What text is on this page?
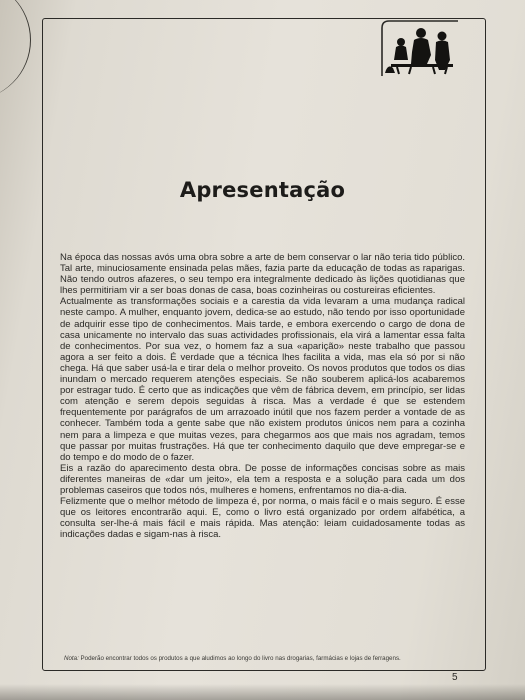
Apresentação

Na época das nossas avós uma obra sobre a arte de bem conservar o lar não teria tido público. Tal arte, minuciosamente ensinada pelas mães, fazia parte da educação de todas as raparigas. Não tendo outros afazeres, o seu tempo era integralmente dedicado às lições quotidianas que lhes permitiriam vir a ser boas donas de casa, boas cozinheiras ou costureiras eficientes.

Actualmente as transformações sociais e a carestia da vida levaram a uma mudança radical neste campo. A mulher, enquanto jovem, dedica-se ao estudo, não tendo por isso oportunidade de adquirir esse tipo de conhecimentos. Mais tarde, e embora exercendo o cargo de dona de casa unicamente no intervalo das suas actividades profissionais, ela virá a lamentar essa falta de conhecimentos. Por sua vez, o homem faz a sua «aparição» neste trabalho que passou agora a ser feito a dois. É verdade que a técnica lhes facilita a vida, mas ela só por si não chega. Há que saber usá-la e tirar dela o melhor proveito. Os novos produtos que todos os dias inundam o mercado requerem atenções especiais. Se não souberem aplicá-los acabaremos por estragar tudo. É certo que as indicações que vêm de fábrica devem, em princípio, ser lidas com atenção e serem depois seguidas à risca. Mas a verdade é que se estendem frequentemente por parágrafos de um arrazoado inútil que nos fazem perder a vontade de as conhecer. Também toda a gente sabe que não existem produtos únicos nem para a cozinha nem para a limpeza e que muitas vezes, para chegarmos aos que mais nos agradam, temos que passar por muitas frustrações. Há que ter conhecimento daquilo que deve empregar-se e do tempo e do modo de o fazer.

Eis a razão do aparecimento desta obra. De posse de informações concisas sobre as mais diferentes maneiras de «dar um jeito», ela tem a resposta e a solução para cada um dos problemas caseiros que todos nós, mulheres e homens, enfrentamos no dia-a-dia.

Felizmente que o melhor método de limpeza é, por norma, o mais fácil e o mais seguro. É esse que os leitores encontrarão aqui. E, como o livro está organizado por ordem alfabética, a consulta ser-lhe-á mais fácil e mais rápida. Mas atenção: leiam cuidadosamente todas as indicações dadas e sigam-nas à risca.

Nota: Poderão encontrar todos os produtos a que aludimos ao longo do livro nas drogarias, farmácias e lojas de ferragens.
5
